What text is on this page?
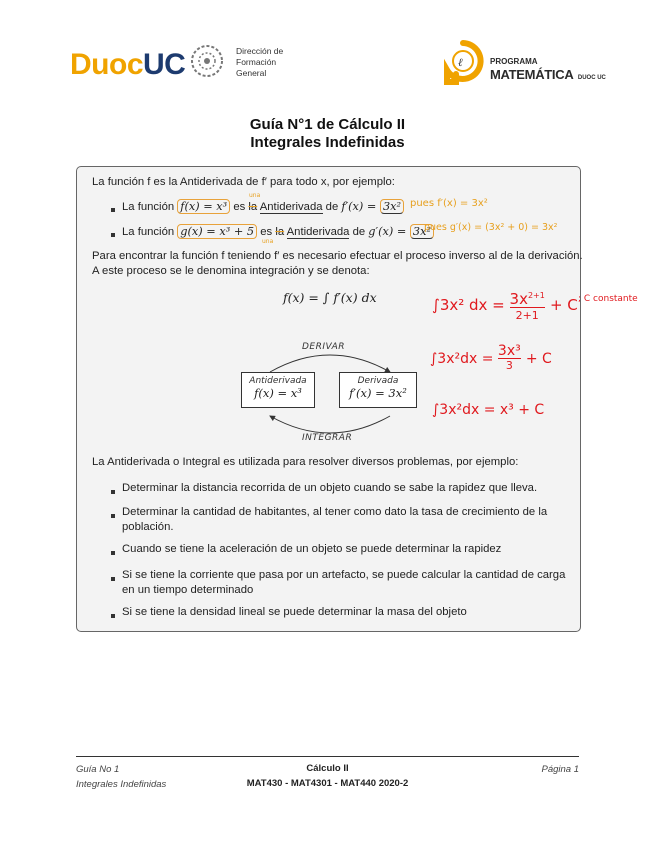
DuocUC	Dirección de
Formación
General
ℓ	PROGRAMA
MATEMÁTICA DUOC UC
Guía N°1 de Cálculo II
Integrales Indefinidas
La función f es la Antiderivada de f′ para todo x, por ejemplo:
La función f(x) = x³ es la Antiderivada de f′(x) = 3x²
una
pues f′(x) = 3x²
La función g(x) = x³ + 5 es la Antiderivada de g′(x) = 3x²
una
pues g′(x) = (3x² + 0) = 3x²
Para encontrar la función f teniendo f′ es necesario efectuar el proceso inverso al de la derivación.
A este proceso se le denomina integración y se denota:
f(x) = ∫ f′(x) dx	∫3x² dx = $3x^{2+1}$
2+1
+ C ; C constante
∫3x²dx = 3x³
3 + C
∫3x²dx = x³ + C
DERIVAR
INTEGRAR
Antiderivada
f(x) = x³
Derivada
f′(x) = 3x²
La Antiderivada o Integral es utilizada para resolver diversos problemas, por ejemplo:
Determinar la distancia recorrida de un objeto cuando se sabe la rapidez que lleva.
Determinar la cantidad de habitantes, al tener como dato la tasa de crecimiento de la
población.
Cuando se tiene la aceleración de un objeto se puede determinar la rapidez
Si se tiene la corriente que pasa por un artefacto, se puede calcular la cantidad de carga
en un tiempo determinado
Si se tiene la densidad lineal se puede determinar la masa del objeto
Guía No 1
Integrales Indefinidas
Cálculo II
MAT430 - MAT4301 - MAT440 2020-2
Página 1
